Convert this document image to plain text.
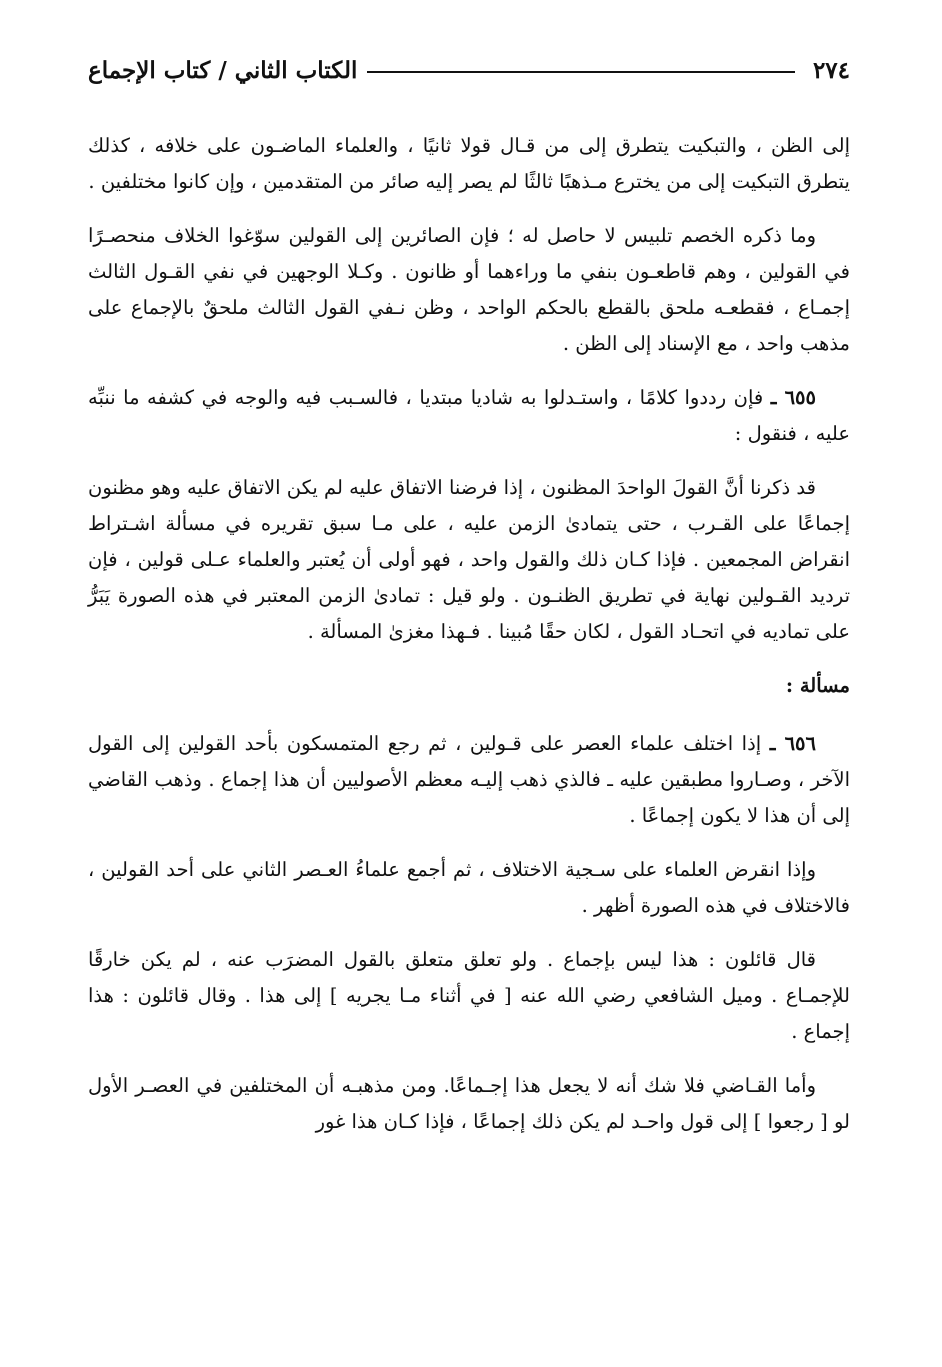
٢٧٤
الكتاب الثاني / كتاب الإجماع

إلى الظن ، والتبكيت يتطرق إلى من قـال قولا ثانيًا ، والعلماء الماضـون على خلافه ، كذلك يتطرق التبكيت إلى من يخترع مـذهبًا ثالثًا لم يصر إليه صائر من المتقدمين ، وإن كانوا مختلفين .

وما ذكره الخصم تلبيس لا حاصل له ؛ فإن الصائرين إلى القولين سوّغوا الخلاف منحصـرًا في القولين ، وهم قاطعـون بنفي ما وراءهما أو ظانون . وكـلا الوجهين في نفي القـول الثالث إجمـاع ، فقطعـه ملحق بالقطع بالحكم الواحد ، وظن نـفي القول الثالث ملحقٌ بالإجماع على مذهب واحد ، مع الإسناد إلى الظن .

٦٥٥ ـ فإن رددوا كلامًا ، واستـدلوا به شاديا مبتديا ، فالسـبب فيه والوجه في كشفه ما ننبِّه عليه ، فنقول :

قد ذكرنا أنَّ القولَ الواحدَ المظنون ، إذا فرضنا الاتفاق عليه لم يكن الاتفاق عليه وهو مظنون إجماعًا على القـرب ، حتى يتمادىٰ الزمن عليه ، على مـا سبق تقريره في مسألة اشـتراط انقراض المجمعين . فإذا كـان ذلك والقول واحد ، فهو أولى أن يُعتبر والعلماء عـلى قولين ، فإن ترديد القـولين نهاية في تطريق الظنـون . ولو قيل : تمادىٰ الزمن المعتبر في هذه الصورة يَبَرُّ على تماديه في اتحـاد القول ، لكان حقًا مُبينا . فـهذا مغزىٰ المسألة .

مسألة :

٦٥٦ ـ إذا اختلف علماء العصر على قـولين ، ثم رجع المتمسكون بأحد القولين إلى القول الآخر ، وصـاروا مطبقين عليه ـ فالذي ذهب إليـه معظم الأصوليين أن هذا إجماع . وذهب القاضي إلى أن هذا لا يكون إجماعًا .

وإذا انقرض العلماء على سـجية الاختلاف ، ثم أجمع علماءُ العـصر الثاني على أحد القولين ، فالاختلاف في هذه الصورة أظهر .

قال قائلون : هذا ليس بإجماع . ولو تعلق متعلق بالقول المضرَب عنه ، لم يكن خارقًا للإجمـاع . وميل الشافعي رضي الله عنه [ في أثناء مـا يجريه ] إلى هذا . وقال قائلون : هذا إجماع .

وأما القـاضي فلا شك أنه لا يجعل هذا إجـماعًا. ومن مذهبـه أن المختلفين في العصـر الأول لو [ رجعوا ] إلى قول واحـد لم يكن ذلك إجماعًا ، فإذا كـان هذا غور
